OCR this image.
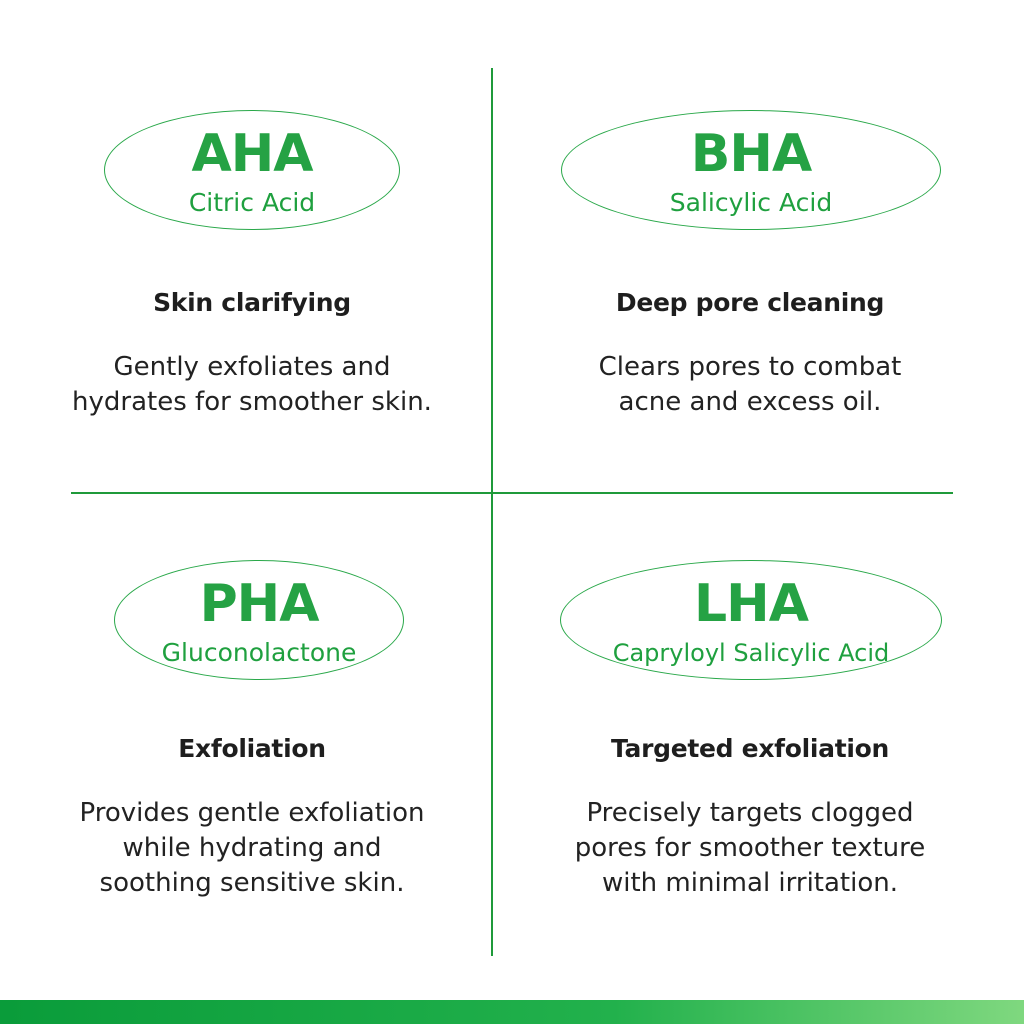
AHA
Citric Acid
Skin clarifying
Gently exfoliates and
hydrates for smoother skin.
BHA
Salicylic Acid
Deep pore cleaning
Clears pores to combat
acne and excess oil.
PHA
Gluconolactone
Exfoliation
Provides gentle exfoliation
while hydrating and
soothing sensitive skin.
LHA
Capryloyl Salicylic Acid
Targeted exfoliation
Precisely targets clogged
pores for smoother texture
with minimal irritation.
